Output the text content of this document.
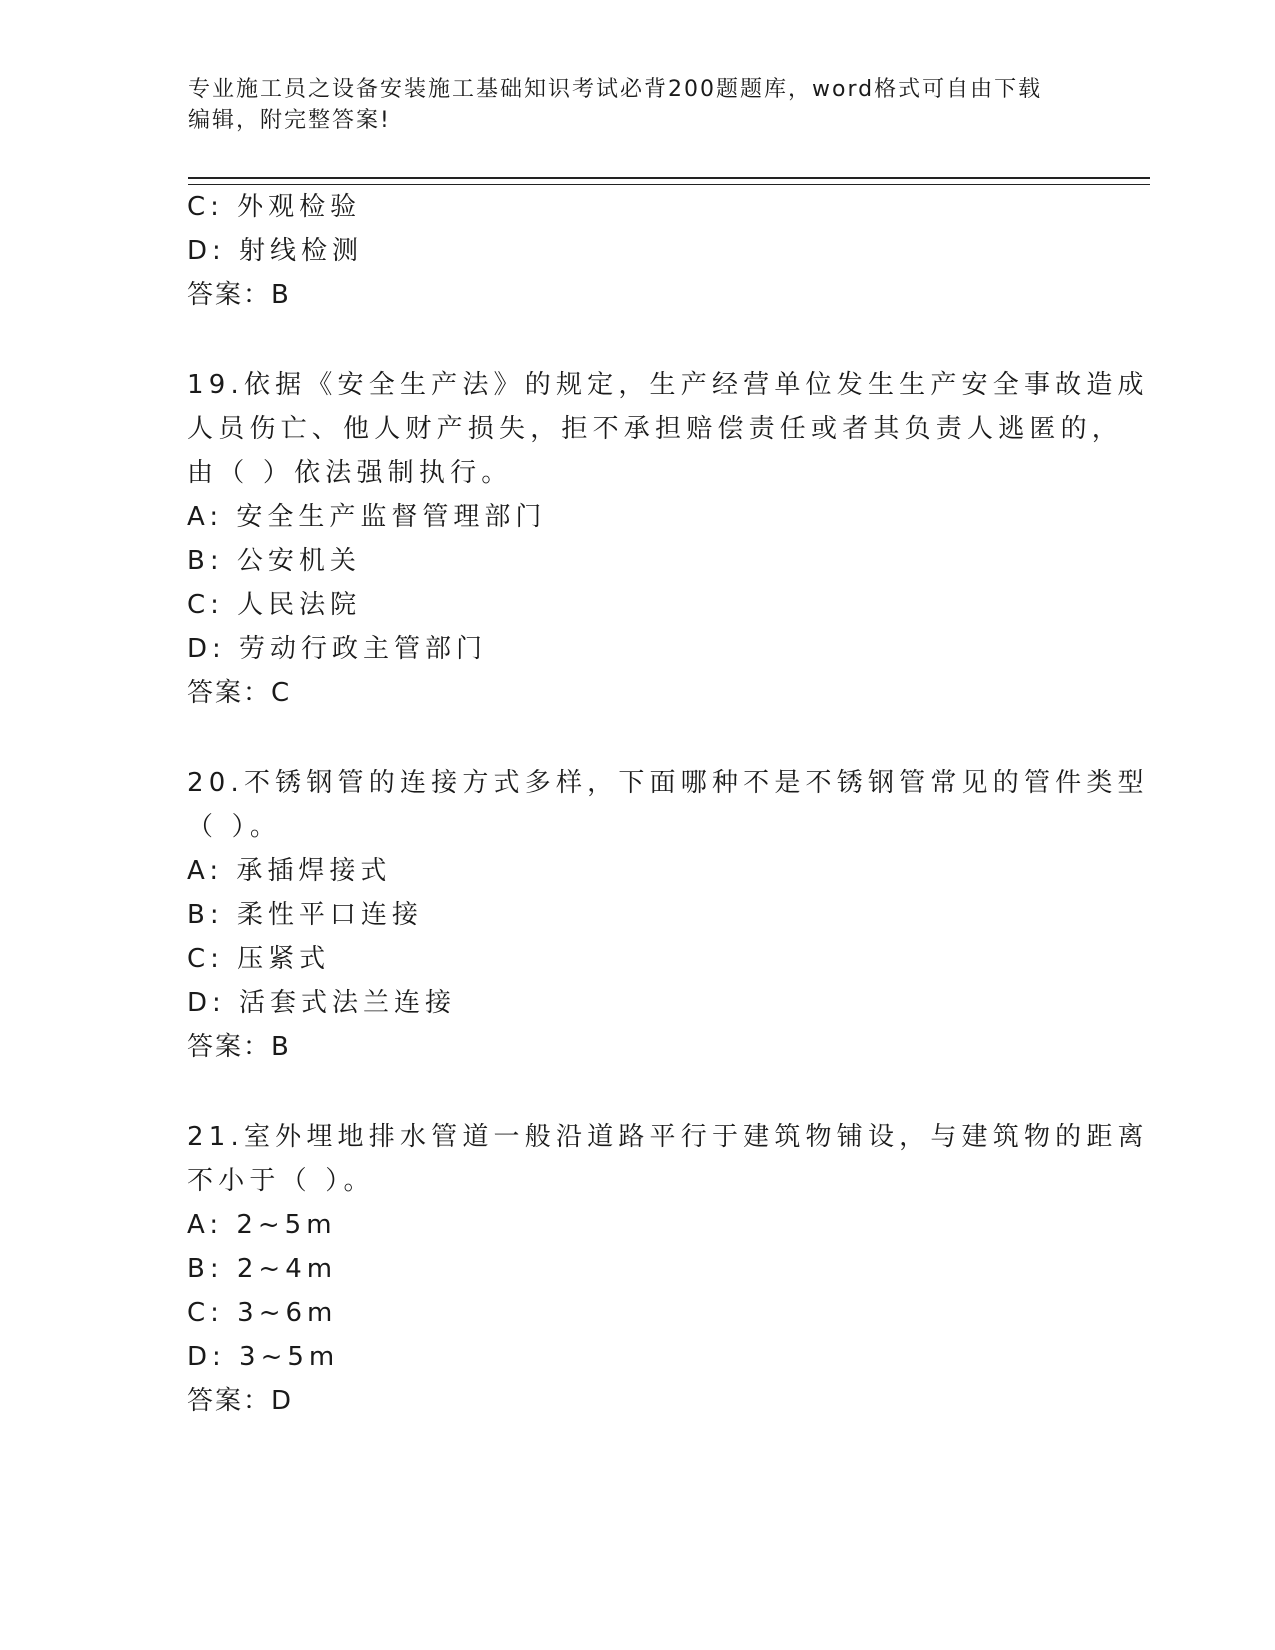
专业施工员之设备安装施工基础知识考试必背200题题库，word格式可自由下载
编辑，附完整答案!
C: 外观检验
D: 射线检测
答案：B
19.依据《安全生产法》的规定，生产经营单位发生生产安全事故造成
人员伤亡、他人财产损失，拒不承担赔偿责任或者其负责人逃匿的，
由（ ）依法强制执行。
A: 安全生产监督管理部门
B: 公安机关
C: 人民法院
D: 劳动行政主管部门
答案：C
20.不锈钢管的连接方式多样，下面哪种不是不锈钢管常见的管件类型
（ ）。
A: 承插焊接式
B: 柔性平口连接
C: 压紧式
D: 活套式法兰连接
答案：B
21.室外埋地排水管道一般沿道路平行于建筑物铺设，与建筑物的距离
不小于（ ）。
A: 2~5m
B: 2~4m
C: 3~6m
D: 3~5m
答案：D
